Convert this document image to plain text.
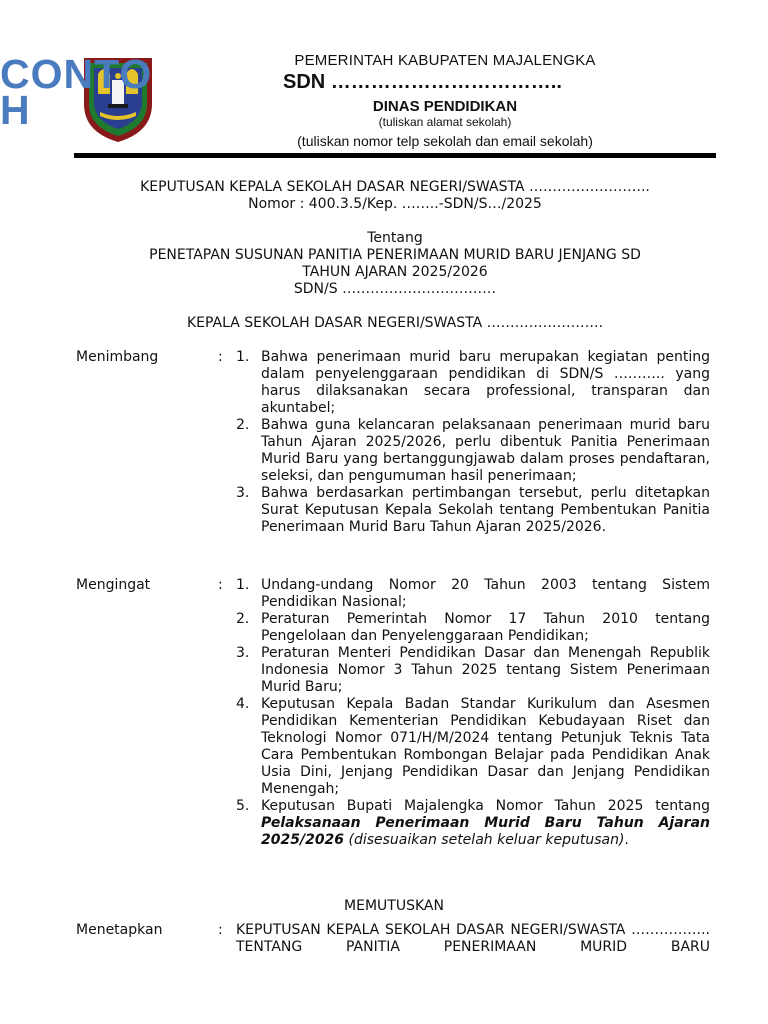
CONTOH
PEMERINTAH KABUPATEN MAJALENGKA
SDN ……………………………..
DINAS PENDIDIKAN
(tuliskan alamat sekolah)
(tuliskan nomor telp sekolah dan email sekolah)
KEPUTUSAN KEPALA SEKOLAH DASAR NEGERI/SWASTA ……………………..
Nomor : 400.3.5/Kep. ……..-SDN/S…/2025
Tentang
PENETAPAN SUSUNAN PANITIA PENERIMAAN MURID BARU JENJANG SD
TAHUN AJARAN 2025/2026
SDN/S ……………………………
KEPALA SEKOLAH DASAR NEGERI/SWASTA …………………….
Menimbang	: 1. Bahwa penerimaan murid baru merupakan kegiatan penting dalam penyelenggaraan pendidikan di SDN/S ……….. yang harus dilaksanakan secara professional, transparan dan akuntabel;
2. Bahwa guna kelancaran pelaksanaan penerimaan murid baru Tahun Ajaran 2025/2026, perlu dibentuk Panitia Penerimaan Murid Baru yang bertanggungjawab dalam proses pendaftaran, seleksi, dan pengumuman hasil penerimaan;
3. Bahwa berdasarkan pertimbangan tersebut, perlu ditetapkan Surat Keputusan Kepala Sekolah tentang Pembentukan Panitia Penerimaan Murid Baru Tahun Ajaran 2025/2026.
Mengingat	: 1. Undang-undang Nomor 20 Tahun 2003 tentang Sistem Pendidikan Nasional;
2. Peraturan Pemerintah Nomor 17 Tahun 2010 tentang Pengelolaan dan Penyelenggaraan Pendidikan;
3. Peraturan Menteri Pendidikan Dasar dan Menengah Republik Indonesia Nomor 3 Tahun 2025 tentang Sistem Penerimaan Murid Baru;
4. Keputusan Kepala Badan Standar Kurikulum dan Asesmen Pendidikan Kementerian Pendidikan Kebudayaan Riset dan Teknologi Nomor 071/H/M/2024 tentang Petunjuk Teknis Tata Cara Pembentukan Rombongan Belajar pada Pendidikan Anak Usia Dini, Jenjang Pendidikan Dasar dan Jenjang Pendidikan Menengah;
5. Keputusan Bupati Majalengka Nomor Tahun 2025 tentang Pelaksanaan Penerimaan Murid Baru Tahun Ajaran 2025/2026 (disesuaikan setelah keluar keputusan).
MEMUTUSKAN
Menetapkan	: KEPUTUSAN KEPALA SEKOLAH DASAR NEGERI/SWASTA …………….. TENTANG PANITIA PENERIMAAN MURID BARU
